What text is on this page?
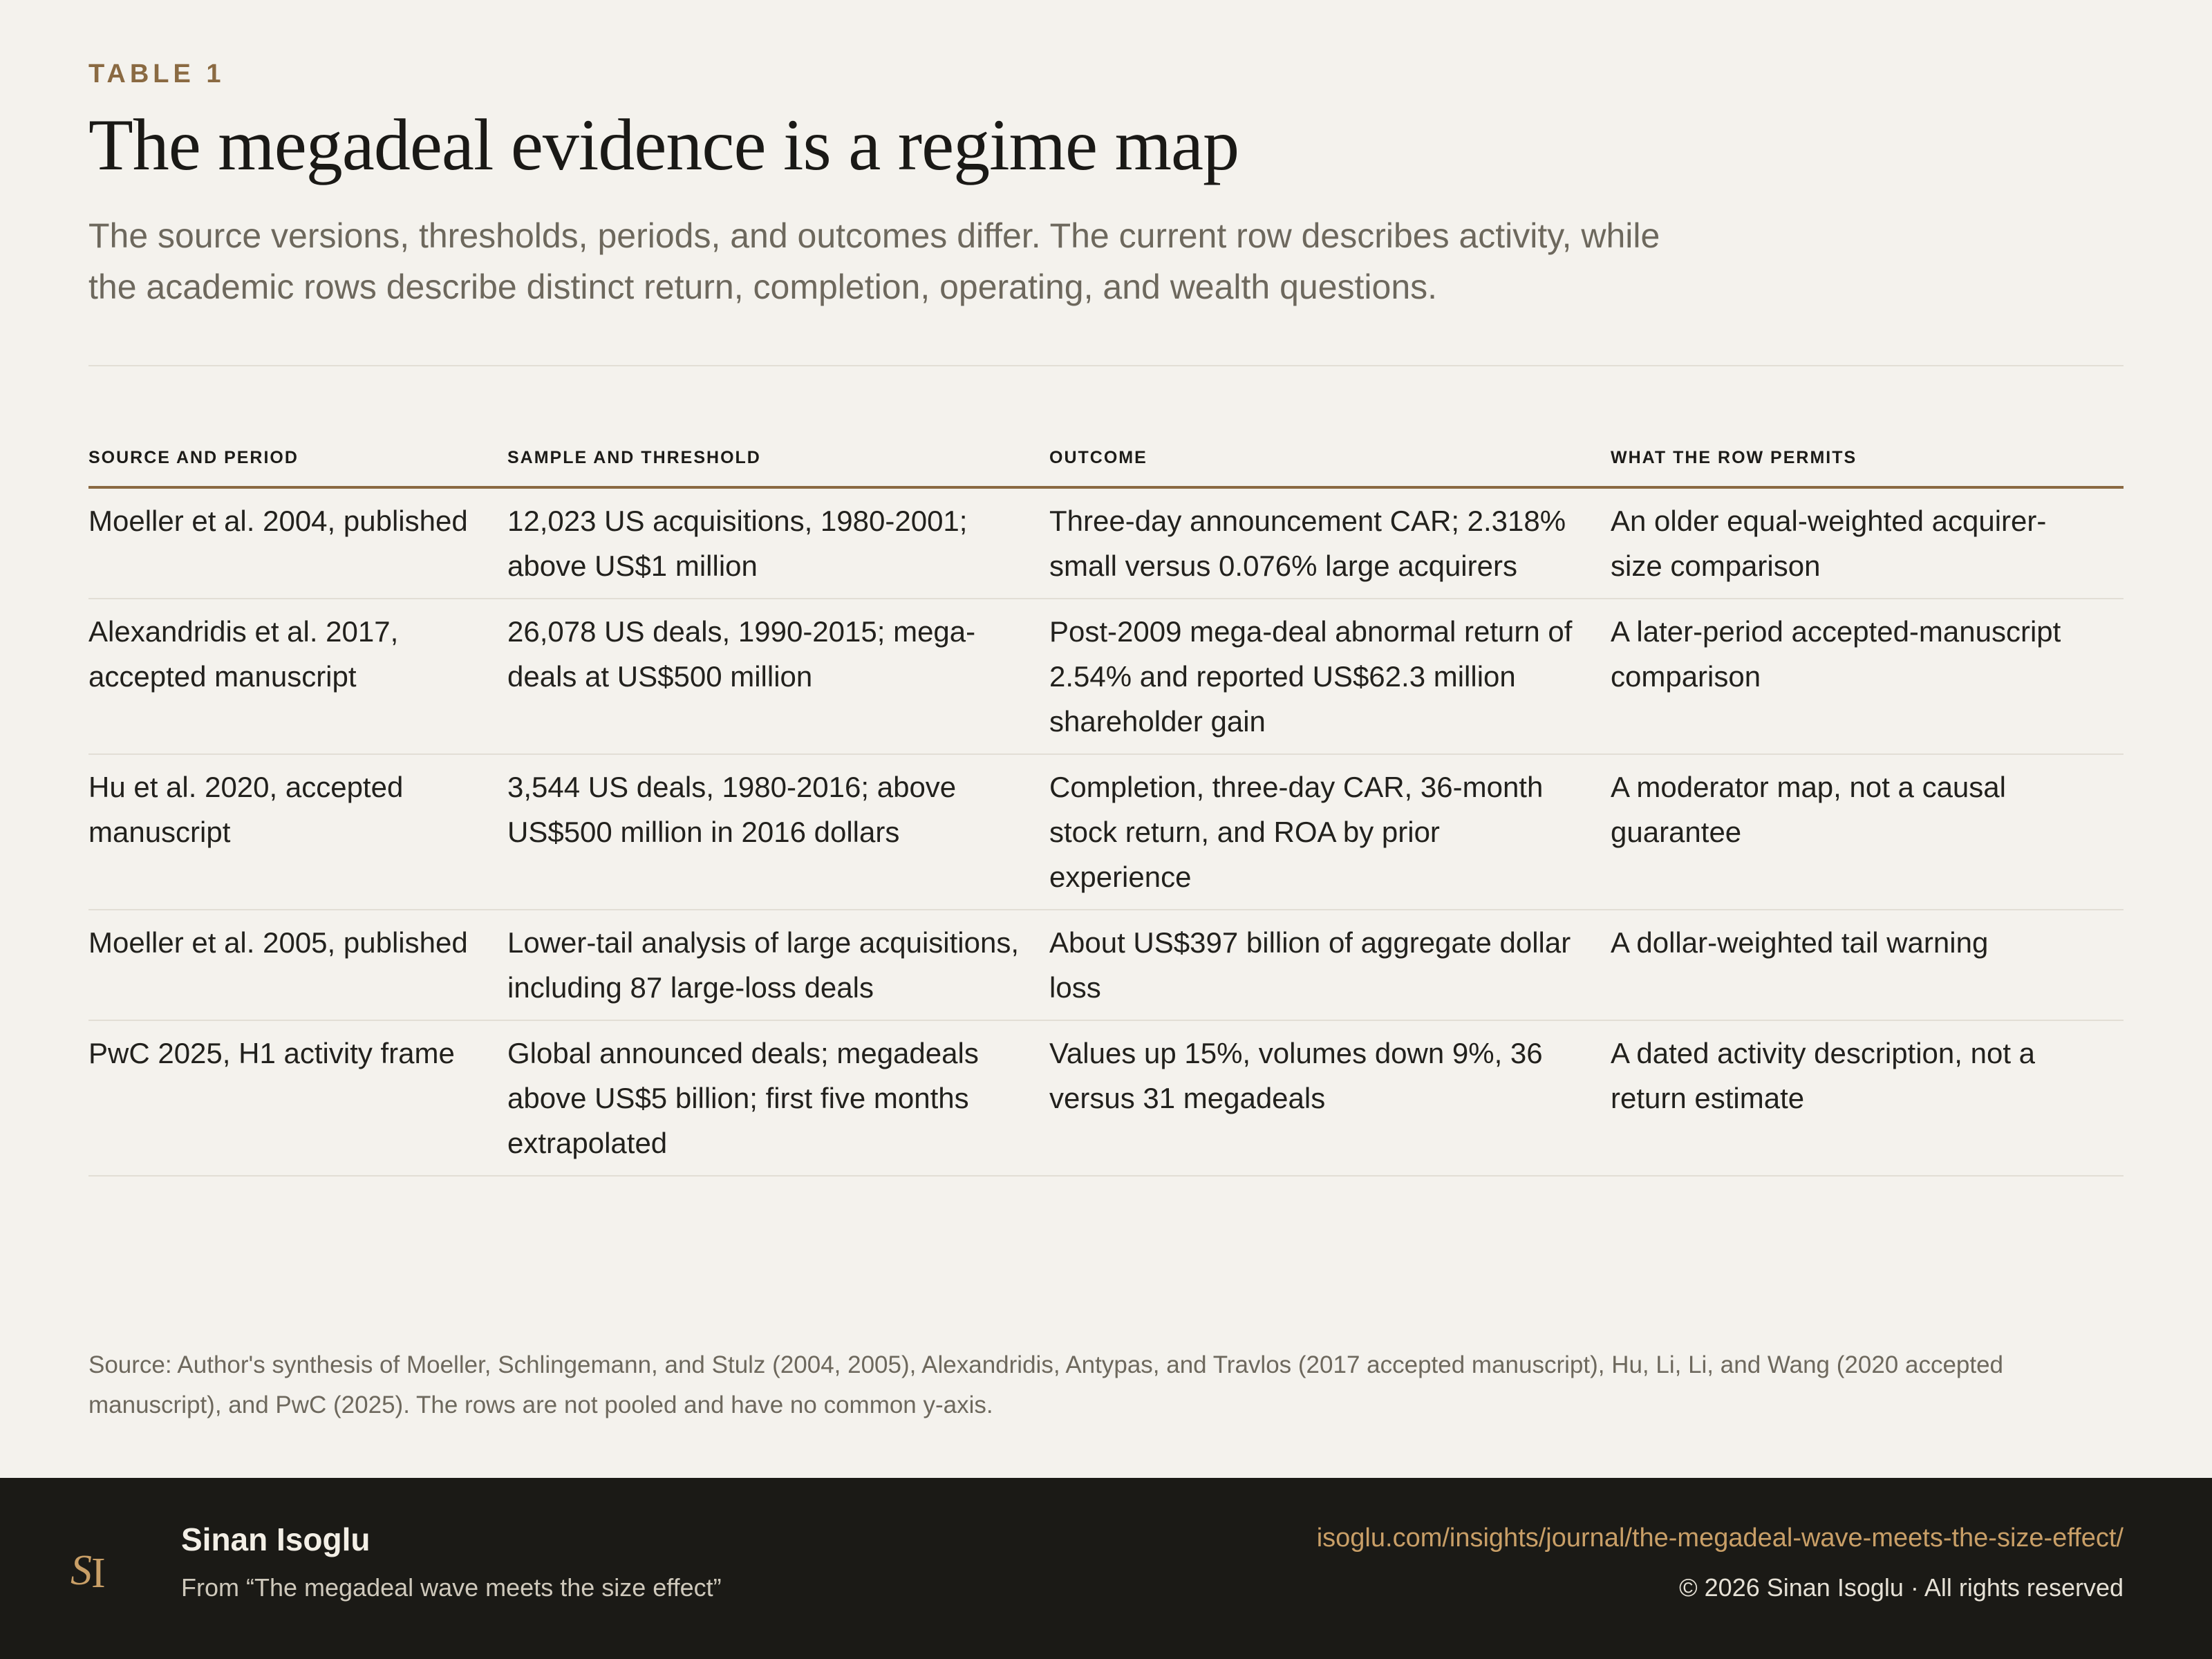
TABLE 1
The megadeal evidence is a regime map

The source versions, thresholds, periods, and outcomes differ. The current row describes activity, while the academic rows describe distinct return, completion, operating, and wealth questions.

SOURCE AND PERIOD	SAMPLE AND THRESHOLD	OUTCOME	WHAT THE ROW PERMITS
Moeller et al. 2004, published	12,023 US acquisitions, 1980-2001; above US$1 million	Three-day announcement CAR; 2.318% small versus 0.076% large acquirers	An older equal-weighted acquirer-size comparison
Alexandridis et al. 2017, accepted manuscript	26,078 US deals, 1990-2015; mega-deals at US$500 million	Post-2009 mega-deal abnormal return of 2.54% and reported US$62.3 million shareholder gain	A later-period accepted-manuscript comparison
Hu et al. 2020, accepted manuscript	3,544 US deals, 1980-2016; above US$500 million in 2016 dollars	Completion, three-day CAR, 36-month stock return, and ROA by prior experience	A moderator map, not a causal guarantee
Moeller et al. 2005, published	Lower-tail analysis of large acquisitions, including 87 large-loss deals	About US$397 billion of aggregate dollar loss	A dollar-weighted tail warning
PwC 2025, H1 activity frame	Global announced deals; megadeals above US$5 billion; first five months extrapolated	Values up 15%, volumes down 9%, 36 versus 31 megadeals	A dated activity description, not a return estimate

Source: Author's synthesis of Moeller, Schlingemann, and Stulz (2004, 2005), Alexandridis, Antypas, and Travlos (2017 accepted manuscript), Hu, Li, Li, and Wang (2020 accepted manuscript), and PwC (2025). The rows are not pooled and have no common y-axis.

S I
Sinan Isoglu
From “The megadeal wave meets the size effect”
isoglu.com/insights/journal/the-megadeal-wave-meets-the-size-effect/
© 2026 Sinan Isoglu · All rights reserved
